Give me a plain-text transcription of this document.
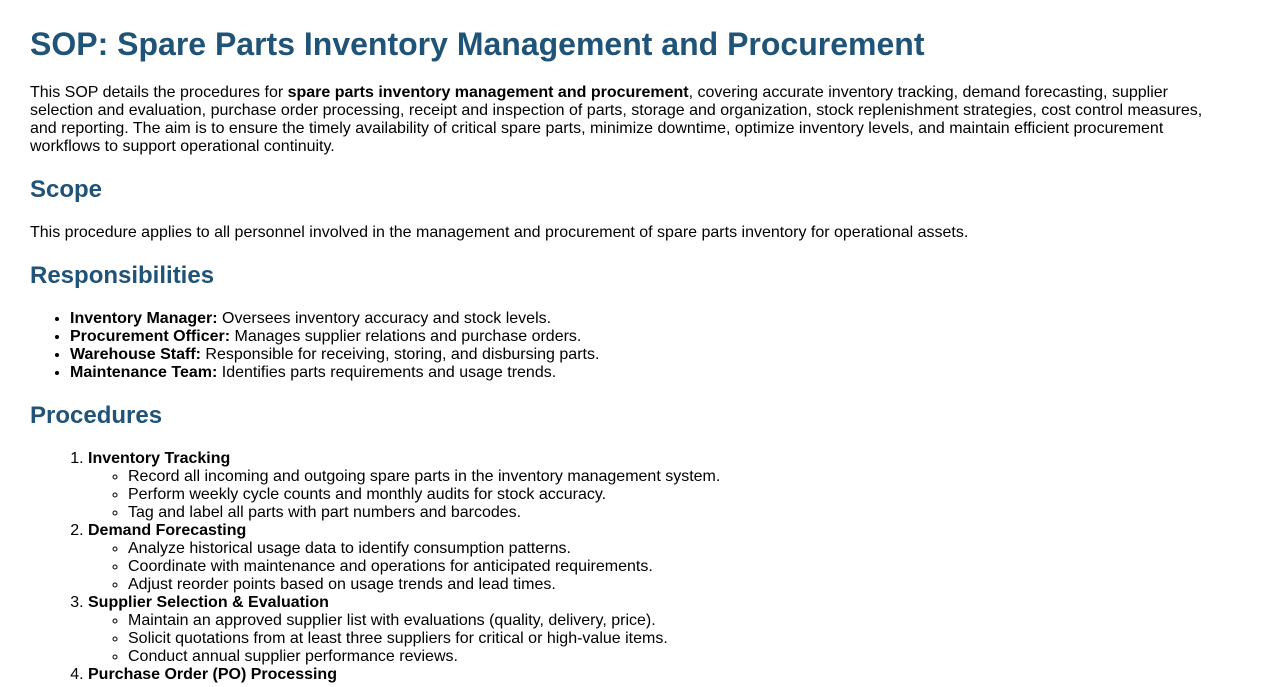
SOP: Spare Parts Inventory Management and Procurement

This SOP details the procedures for spare parts inventory management and procurement, covering accurate inventory tracking, demand forecasting, supplier selection and evaluation, purchase order processing, receipt and inspection of parts, storage and organization, stock replenishment strategies, cost control measures, and reporting. The aim is to ensure the timely availability of critical spare parts, minimize downtime, optimize inventory levels, and maintain efficient procurement workflows to support operational continuity.

Scope

This procedure applies to all personnel involved in the management and procurement of spare parts inventory for operational assets.

Responsibilities
• Inventory Manager: Oversees inventory accuracy and stock levels.
• Procurement Officer: Manages supplier relations and purchase orders.
• Warehouse Staff: Responsible for receiving, storing, and disbursing parts.
• Maintenance Team: Identifies parts requirements and usage trends.
Procedures
1. Inventory Tracking
◦ Record all incoming and outgoing spare parts in the inventory management system.
◦ Perform weekly cycle counts and monthly audits for stock accuracy.
◦ Tag and label all parts with part numbers and barcodes.
2. Demand Forecasting
◦ Analyze historical usage data to identify consumption patterns.
◦ Coordinate with maintenance and operations for anticipated requirements.
◦ Adjust reorder points based on usage trends and lead times.
3. Supplier Selection & Evaluation
◦ Maintain an approved supplier list with evaluations (quality, delivery, price).
◦ Solicit quotations from at least three suppliers for critical or high-value items.
◦ Conduct annual supplier performance reviews.
4. Purchase Order (PO) Processing
